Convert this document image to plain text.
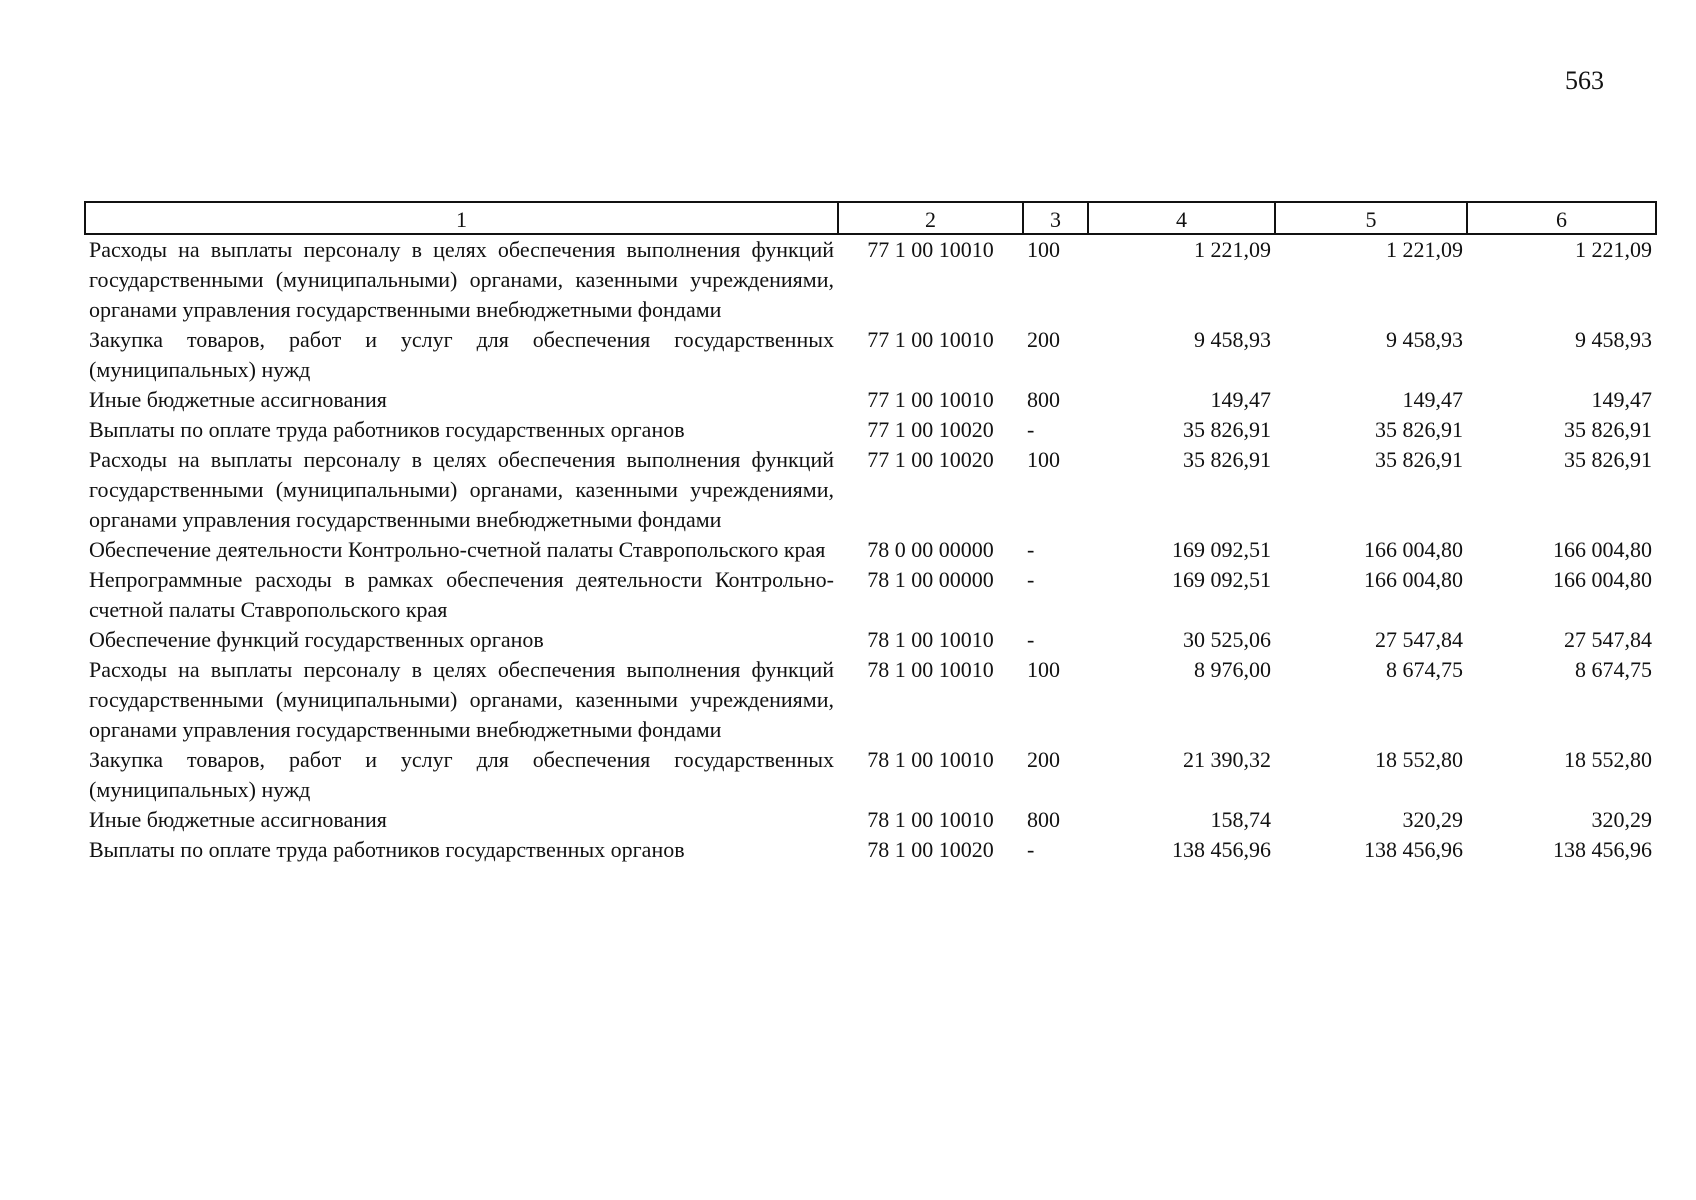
563
1	2	3	4	5	6
Расходы на выплаты персоналу в целях обеспечения выполнения функций государственными (муниципальными) органами, казенными учреждениями, органами управления государственными внебюджетными фондами	77 1 00 10010	100	1 221,09	1 221,09	1 221,09
Закупка товаров, работ и услуг для обеспечения государственных (муниципальных) нужд	77 1 00 10010	200	9 458,93	9 458,93	9 458,93
Иные бюджетные ассигнования	77 1 00 10010	800	149,47	149,47	149,47
Выплаты по оплате труда работников государственных органов	77 1 00 10020	-	35 826,91	35 826,91	35 826,91
Расходы на выплаты персоналу в целях обеспечения выполнения функций государственными (муниципальными) органами, казенными учреждениями, органами управления государственными внебюджетными фондами	77 1 00 10020	100	35 826,91	35 826,91	35 826,91
Обеспечение деятельности Контрольно-счетной палаты Ставропольского края	78 0 00 00000	-	169 092,51	166 004,80	166 004,80
Непрограммные расходы в рамках обеспечения деятельности Контрольно-счетной палаты Ставропольского края	78 1 00 00000	-	169 092,51	166 004,80	166 004,80
Обеспечение функций государственных органов	78 1 00 10010	-	30 525,06	27 547,84	27 547,84
Расходы на выплаты персоналу в целях обеспечения выполнения функций государственными (муниципальными) органами, казенными учреждениями, органами управления государственными внебюджетными фондами	78 1 00 10010	100	8 976,00	8 674,75	8 674,75
Закупка товаров, работ и услуг для обеспечения государственных (муниципальных) нужд	78 1 00 10010	200	21 390,32	18 552,80	18 552,80
Иные бюджетные ассигнования	78 1 00 10010	800	158,74	320,29	320,29
Выплаты по оплате труда работников государственных органов	78 1 00 10020	-	138 456,96	138 456,96	138 456,96
